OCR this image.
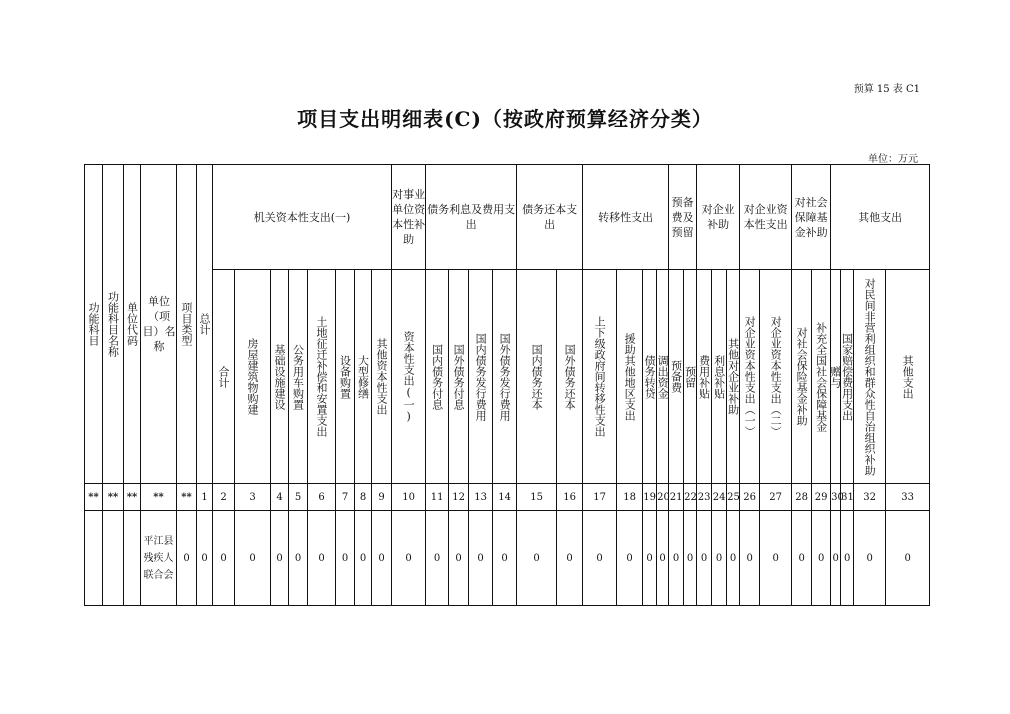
预算 15 表 C1
项目支出明细表(C)（按政府预算经济分类）
单位：万元
功能科目	功能科目名称	单位代码	单位（项目）名称	项目类型	总计	机关资本性支出(一)								对事业单位资本性补助	债务利息及费用支出				债务还本支出		转移性支出				预备费及预留		对企业补助			对企业资本性支出		对社会保障基金补助		其他支出			
						合计	房屋建筑物购建	基础设施建设	公务用车购置	土地征迁补偿和安置支出	设备购置	大型修缮	其他资本性支出	资本性支出(一)	国内债务付息	国外债务付息	国内债务发行费用	国外债务发行费用	国内债务还本	国外债务还本	上下级政府间转移性支出	援助其他地区支出	债务转贷	调出资金	预备费	预留	费用补贴	利息补贴	其他对企业补助	对企业资本性支出（一）	对企业资本性支出（二）	对社会保险基金补助	补充全国社会保障基金	赠与	国家赔偿费用支出	对民间非营利组织和群众性自治组织补助	其他支出
**	**	**	**	**	1	2	3	4	5	6	7	8	9	10	11	12	13	14	15	16	17	18	19	20	21	22	23	24	25	26	27	28	29	30	31	32	33
			平江县残疾人联合会	0	0	0	0	0	0	0	0	0	0	0	0	0	0	0	0	0	0	0	0	0	0	0	0	0	0	0	0	0	0	0	0	0	0
